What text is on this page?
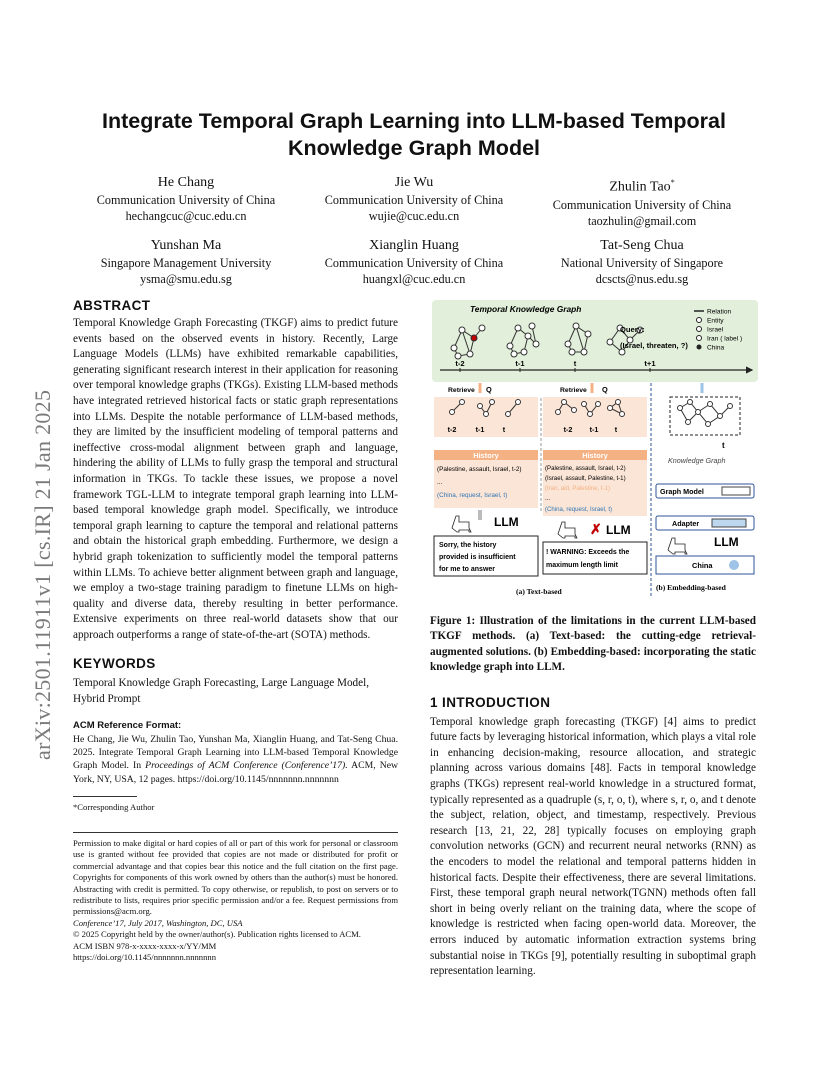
arXiv:2501.11911v1 [cs.IR] 21 Jan 2025
Integrate Temporal Graph Learning into LLM-based Temporal Knowledge Graph Model
He Chang
Communication University of China
hechangcuc@cuc.edu.cn
Jie Wu
Communication University of China
wujie@cuc.edu.cn
Zhulin Tao*
Communication University of China
taozhulin@gmail.com
Yunshan Ma
Singapore Management University
ysma@smu.edu.sg
Xianglin Huang
Communication University of China
huangxl@cuc.edu.cn
Tat-Seng Chua
National University of Singapore
dcscts@nus.edu.sg
ABSTRACT
Temporal Knowledge Graph Forecasting (TKGF) aims to predict future events based on the observed events in history. Recently, Large Language Models (LLMs) have exhibited remarkable capabilities, generating significant research interest in their application for reasoning over temporal knowledge graphs (TKGs). Existing LLM-based methods have integrated retrieved historical facts or static graph representations into LLMs. Despite the notable performance of LLM-based methods, they are limited by the insufficient modeling of temporal patterns and ineffective cross-modal alignment between graph and language, hindering the ability of LLMs to fully grasp the temporal and structural information in TKGs. To tackle these issues, we propose a novel framework TGL-LLM to integrate temporal graph learning into LLM-based temporal knowledge graph model. Specifically, we introduce temporal graph learning to capture the temporal and relational patterns and obtain the historical graph embedding. Furthermore, we design a hybrid graph tokenization to sufficiently model the temporal patterns within LLMs. To achieve better alignment between graph and language, we employ a two-stage training paradigm to finetune LLMs on high-quality and diverse data, thereby resulting in better performance. Extensive experiments on three real-world datasets show that our approach outperforms a range of state-of-the-art (SOTA) methods.
KEYWORDS
Temporal Knowledge Graph Forecasting, Large Language Model, Hybrid Prompt
ACM Reference Format:
He Chang, Jie Wu, Zhulin Tao, Yunshan Ma, Xianglin Huang, and Tat-Seng Chua. 2025. Integrate Temporal Graph Learning into LLM-based Temporal Knowledge Graph Model. In Proceedings of ACM Conference (Conference’17). ACM, New York, NY, USA, 12 pages. https://doi.org/10.1145/nnnnnnn.nnnnnnn
*Corresponding Author
Permission to make digital or hard copies of all or part of this work for personal or classroom use is granted without fee provided that copies are not made or distributed for profit or commercial advantage and that copies bear this notice and the full citation on the first page. Copyrights for components of this work owned by others than the author(s) must be honored. Abstracting with credit is permitted. To copy otherwise, or republish, to post on servers or to redistribute to lists, requires prior specific permission and/or a fee. Request permissions from permissions@acm.org.
Conference’17, July 2017, Washington, DC, USA
© 2025 Copyright held by the owner/author(s). Publication rights licensed to ACM.
ACM ISBN 978-x-xxxx-xxxx-x/YY/MM
https://doi.org/10.1145/nnnnnnn.nnnnnnn
Temporal Knowledge Graph
Query:
(Israel, threaten, ?)
Relation
Entity
Israel
Iran ( label )
China
t-2	t-1	t	t+1
Retrieve Q	Retrieve Q
t-2	t-1	t	t-2 t-1 t
History
(Palestine, assault, Israel, t-2)
...
(China, request, Israel, t)
History
(Palestine, assault, Israel, t-2)
(Israel, assault, Palestine, t-1)
(Iran, aid, Palestine, t-1)
...
(China, request, Israel, t)
LLM
LLM
✗
Sorry, the history
provided is insufficient
for me to answer
! WARNING: Exceeds the
maximum length limit
t
Knowledge Graph
Graph Model
Adapter
LLM
China
(a) Text-based	(b) Embedding-based
Figure 1: Illustration of the limitations in the current LLM-based TKGF methods. (a) Text-based: the cutting-edge retrieval-augmented solutions. (b) Embedding-based: incorporating the static knowledge graph into LLM.
1 INTRODUCTION
Temporal knowledge graph forecasting (TKGF) [4] aims to predict future facts by leveraging historical information, which plays a vital role in enhancing decision-making, resource allocation, and strategic planning across various domains [48]. Facts in temporal knowledge graphs (TKGs) represent real-world knowledge in a structured format, typically represented as a quadruple (s, r, o, t), where s, r, o, and t denote the subject, relation, object, and timestamp, respectively. Previous research [13, 21, 22, 28] typically focuses on employing graph convolution networks (GCN) and recurrent neural networks (RNN) as the encoders to model the relational and temporal patterns hidden in historical facts. Despite their effectiveness, there are several limitations. First, these temporal graph neural network(TGNN) methods often fall short in being overly reliant on the training data, where the scope of knowledge is restricted when facing open-world data. Moreover, the errors induced by automatic information extraction systems bring substantial noise in TKGs [9], potentially resulting in suboptimal graph representation learning.
